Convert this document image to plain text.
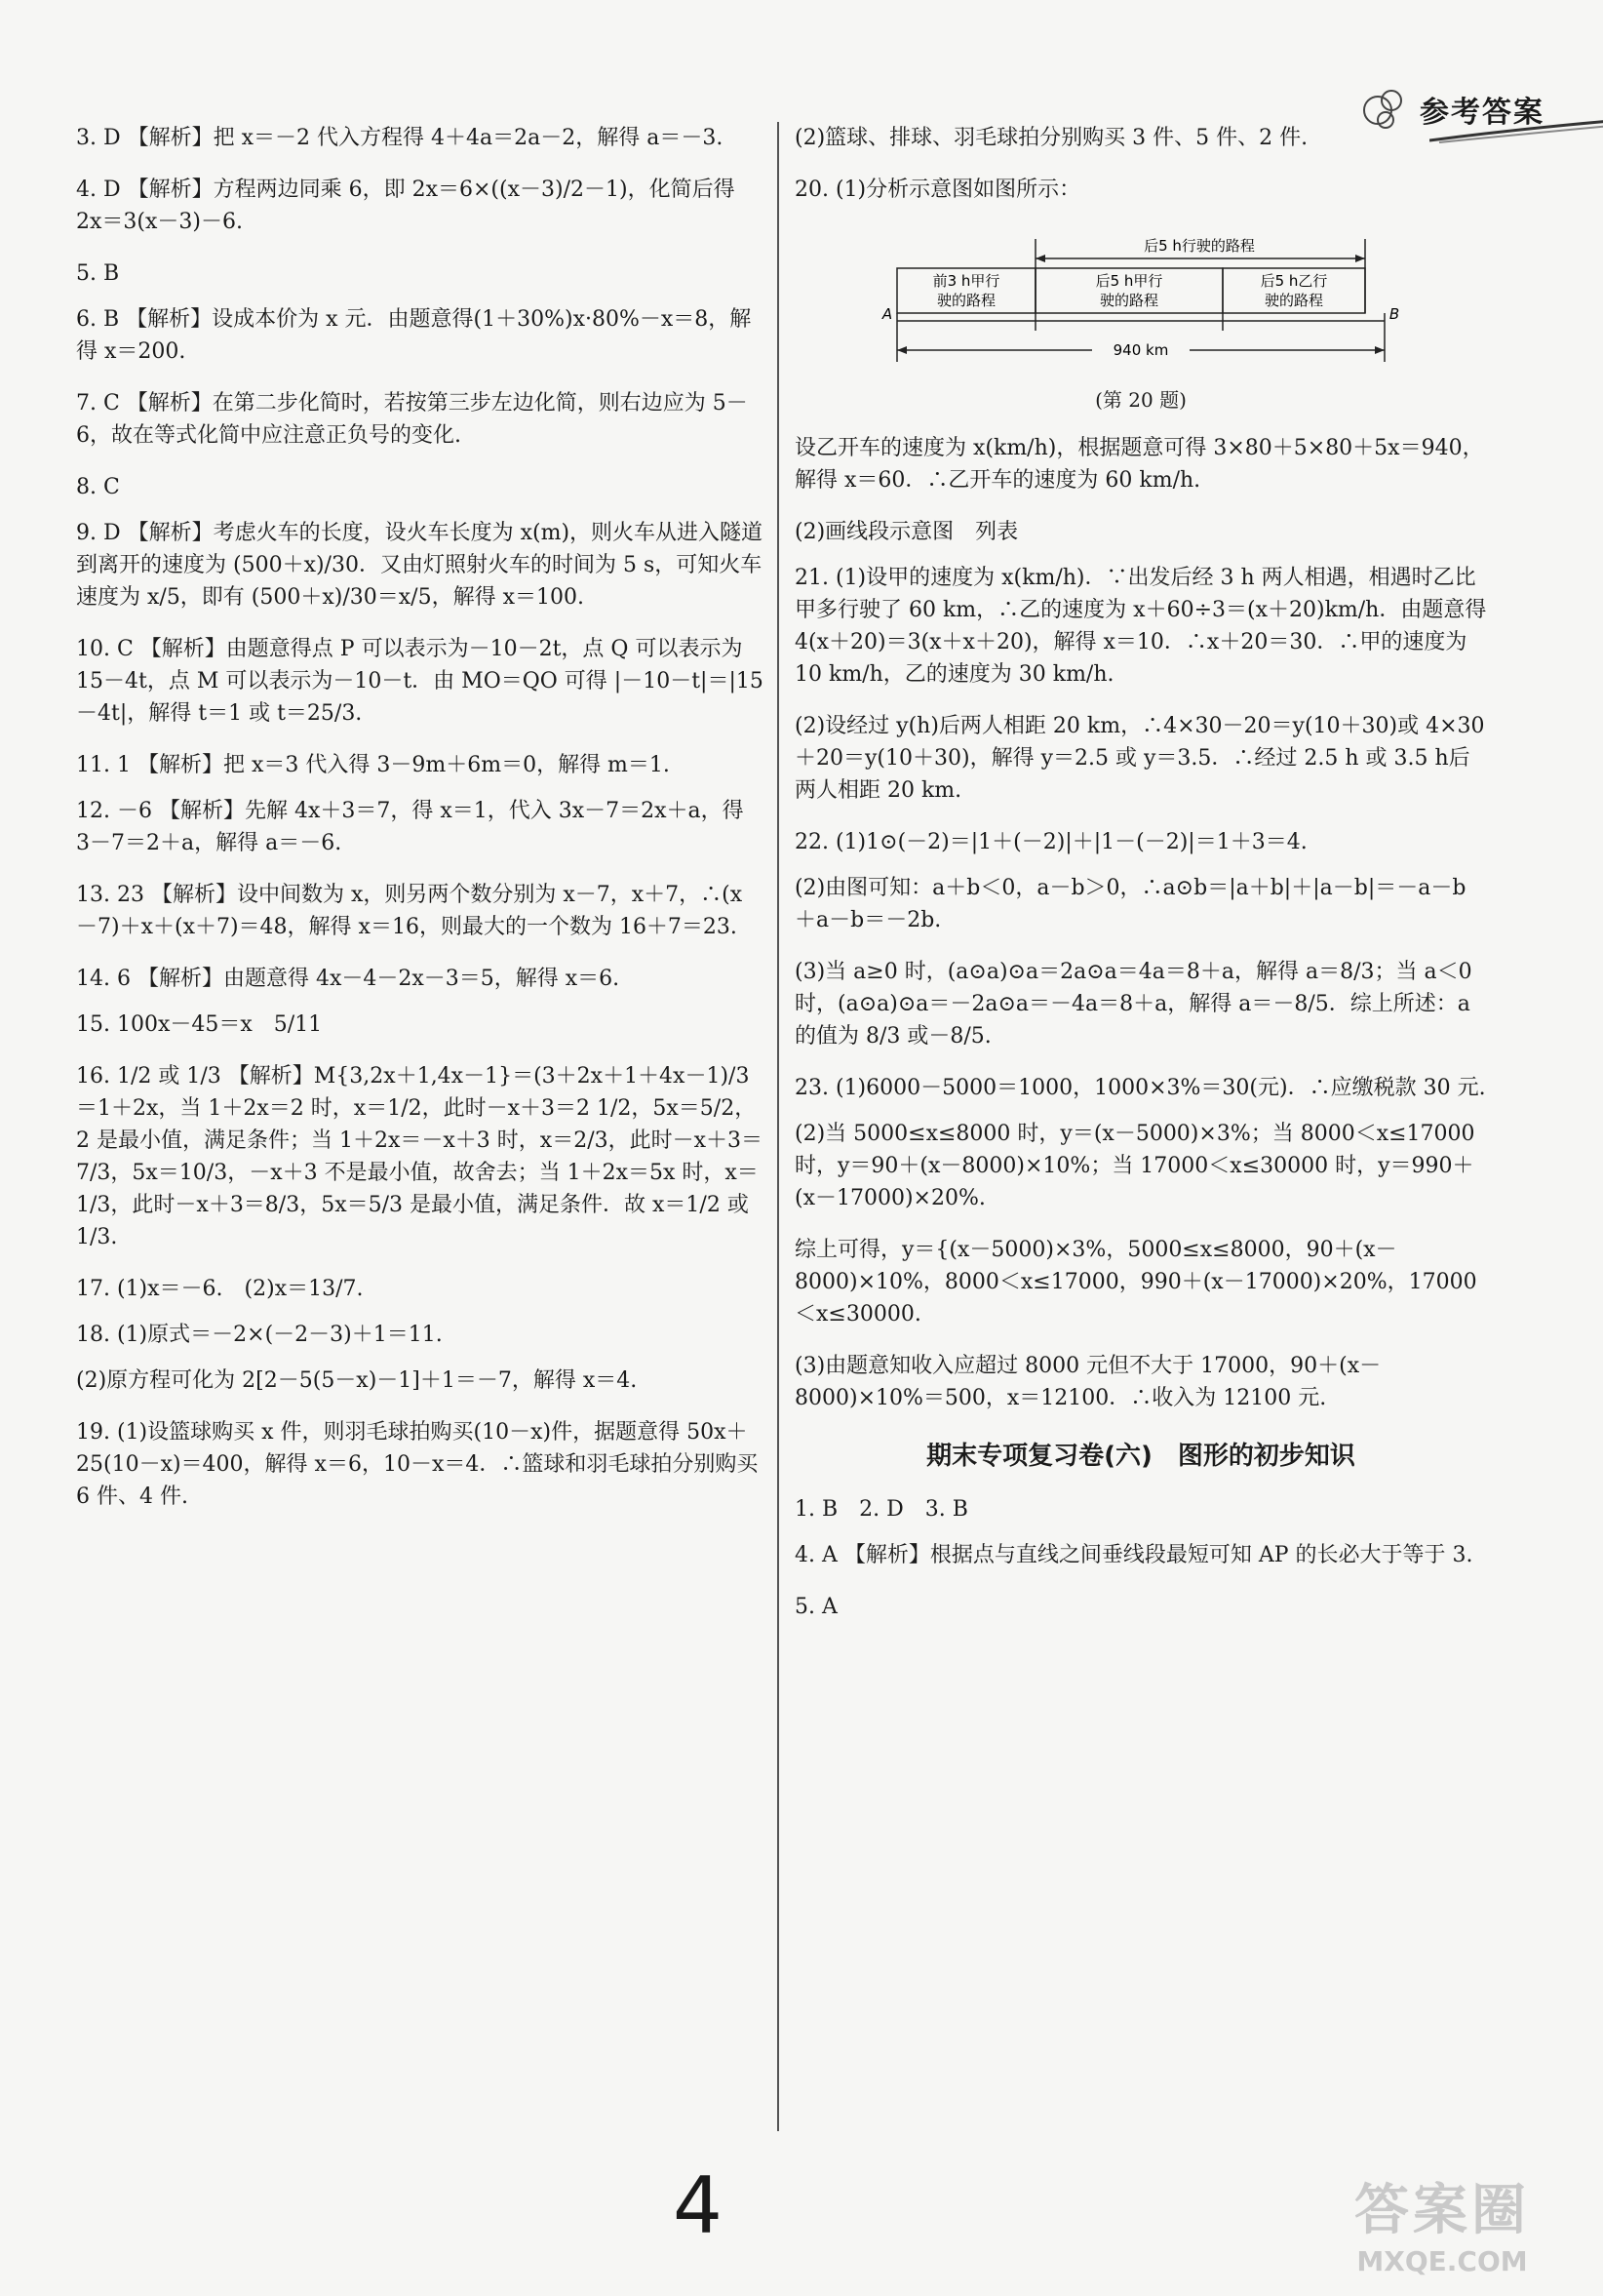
参考答案
3. D 【解析】把 x＝－2 代入方程得 4＋4a＝2a－2，解得 a＝－3.
4. D 【解析】方程两边同乘 6，即 2x＝6×((x－3)/2－1)，化简后得 2x＝3(x－3)－6.
5. B
6. B 【解析】设成本价为 x 元．由题意得(1＋30%)x·80%－x＝8，解得 x＝200.
7. C 【解析】在第二步化简时，若按第三步左边化简，则右边应为 5－6，故在等式化简中应注意正负号的变化.
8. C
9. D 【解析】考虑火车的长度，设火车长度为 x(m)，则火车从进入隧道到离开的速度为 (500＋x)/30．又由灯照射火车的时间为 5 s，可知火车速度为 x/5，即有 (500＋x)/30＝x/5，解得 x＝100.
10. C 【解析】由题意得点 P 可以表示为－10－2t，点 Q 可以表示为 15－4t，点 M 可以表示为－10－t．由 MO＝QO 可得 |－10－t|＝|15－4t|，解得 t＝1 或 t＝25/3.
11. 1 【解析】把 x＝3 代入得 3－9m＋6m＝0，解得 m＝1.
12. －6 【解析】先解 4x＋3＝7，得 x＝1，代入 3x－7＝2x＋a，得 3－7＝2＋a，解得 a＝－6.
13. 23 【解析】设中间数为 x，则另两个数分别为 x－7，x＋7，∴(x－7)＋x＋(x＋7)＝48，解得 x＝16，则最大的一个数为 16＋7＝23.
14. 6 【解析】由题意得 4x－4－2x－3＝5，解得 x＝6.
15. 100x－45＝x　5/11
16. 1/2 或 1/3 【解析】M{3,2x＋1,4x－1}＝(3＋2x＋1＋4x－1)/3＝1＋2x，当 1＋2x＝2 时，x＝1/2，此时－x＋3＝2 1/2，5x＝5/2，2 是最小值，满足条件；当 1＋2x＝－x＋3 时，x＝2/3，此时－x＋3＝7/3，5x＝10/3，－x＋3 不是最小值，故舍去；当 1＋2x＝5x 时，x＝1/3，此时－x＋3＝8/3，5x＝5/3 是最小值，满足条件．故 x＝1/2 或 1/3.
17. (1)x＝－6.　(2)x＝13/7.
18. (1)原式＝－2×(－2－3)＋1＝11.
(2)原方程可化为 2[2－5(5－x)－1]＋1＝－7，解得 x＝4.
19. (1)设篮球购买 x 件，则羽毛球拍购买(10－x)件，据题意得 50x＋25(10－x)＝400，解得 x＝6，10－x＝4．∴篮球和羽毛球拍分别购买 6 件、4 件.
(2)篮球、排球、羽毛球拍分别购买 3 件、5 件、2 件.
20. (1)分析示意图如图所示：
后5 h行驶的路程
前3 h甲行
驶的路程
后5 h甲行
驶的路程
后5 h乙行
驶的路程
A	B
940 km
(第 20 题)
设乙开车的速度为 x(km/h)，根据题意可得 3×80＋5×80＋5x＝940，解得 x＝60．∴乙开车的速度为 60 km/h.
(2)画线段示意图　列表
21. (1)设甲的速度为 x(km/h)．∵出发后经 3 h 两人相遇，相遇时乙比甲多行驶了 60 km，∴乙的速度为 x＋60÷3＝(x＋20)km/h．由题意得 4(x＋20)＝3(x＋x＋20)，解得 x＝10．∴x＋20＝30．∴甲的速度为 10 km/h，乙的速度为 30 km/h.
(2)设经过 y(h)后两人相距 20 km，∴4×30－20＝y(10＋30)或 4×30＋20＝y(10＋30)，解得 y＝2.5 或 y＝3.5．∴经过 2.5 h 或 3.5 h后两人相距 20 km.
22. (1)1⊙(－2)＝|1＋(－2)|＋|1－(－2)|＝1＋3＝4.
(2)由图可知：a＋b＜0，a－b＞0，∴a⊙b＝|a＋b|＋|a－b|＝－a－b＋a－b＝－2b.
(3)当 a≥0 时，(a⊙a)⊙a＝2a⊙a＝4a＝8＋a，解得 a＝8/3；当 a＜0 时，(a⊙a)⊙a＝－2a⊙a＝－4a＝8＋a，解得 a＝－8/5．综上所述：a 的值为 8/3 或－8/5.
23. (1)6000－5000＝1000，1000×3%＝30(元)．∴应缴税款 30 元.
(2)当 5000≤x≤8000 时，y＝(x－5000)×3%；当 8000＜x≤17000 时，y＝90＋(x－8000)×10%；当 17000＜x≤30000 时，y＝990＋(x－17000)×20%.
综上可得，y＝{(x－5000)×3%，5000≤x≤8000，90＋(x－8000)×10%，8000＜x≤17000，990＋(x－17000)×20%，17000＜x≤30000.
(3)由题意知收入应超过 8000 元但不大于 17000，90＋(x－8000)×10%＝500，x＝12100．∴收入为 12100 元.
期末专项复习卷(六)　图形的初步知识
1. B　2. D　3. B
4. A 【解析】根据点与直线之间垂线段最短可知 AP 的长必大于等于 3.
5. A
4	答案圈
MXQE.COM
